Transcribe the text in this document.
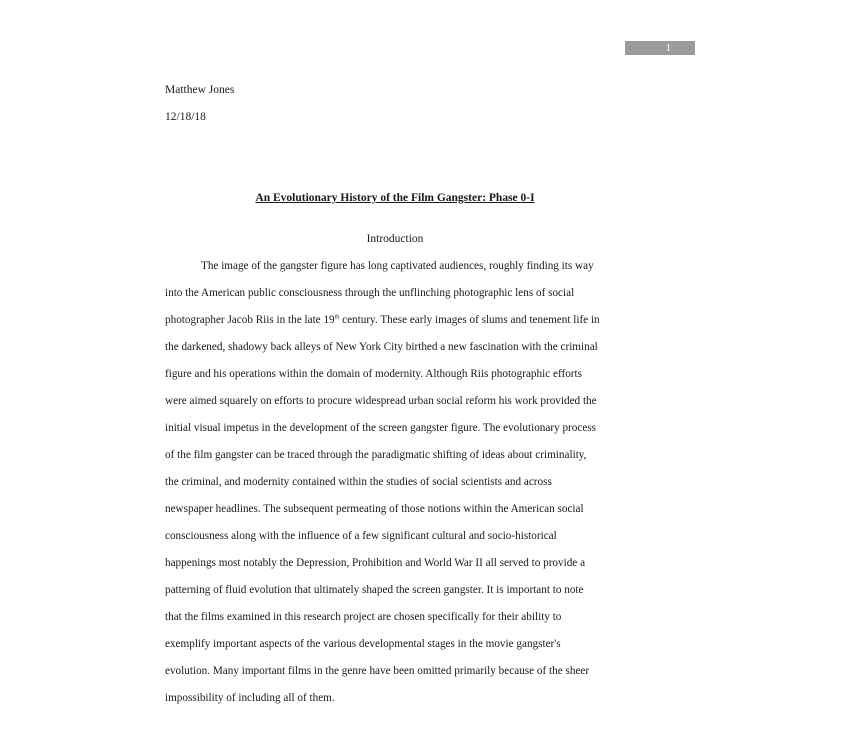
1
Matthew Jones
12/18/18
An Evolutionary History of the Film Gangster: Phase 0-I
Introduction
The image of the gangster figure has long captivated audiences, roughly finding its way
into the American public consciousness through the unflinching photographic lens of social
photographer Jacob Riis in the late 19th century. These early images of slums and tenement life in
the darkened, shadowy back alleys of New York City birthed a new fascination with the criminal
figure and his operations within the domain of modernity. Although Riis photographic efforts
were aimed squarely on efforts to procure widespread urban social reform his work provided the
initial visual impetus in the development of the screen gangster figure. The evolutionary process
of the film gangster can be traced through the paradigmatic shifting of ideas about criminality,
the criminal, and modernity contained within the studies of social scientists and across
newspaper headlines. The subsequent permeating of those notions within the American social
consciousness along with the influence of a few significant cultural and socio-historical
happenings most notably the Depression, Prohibition and World War II all served to provide a
patterning of fluid evolution that ultimately shaped the screen gangster. It is important to note
that the films examined in this research project are chosen specifically for their ability to
exemplify important aspects of the various developmental stages in the movie gangster's
evolution. Many important films in the genre have been omitted primarily because of the sheer
impossibility of including all of them.
